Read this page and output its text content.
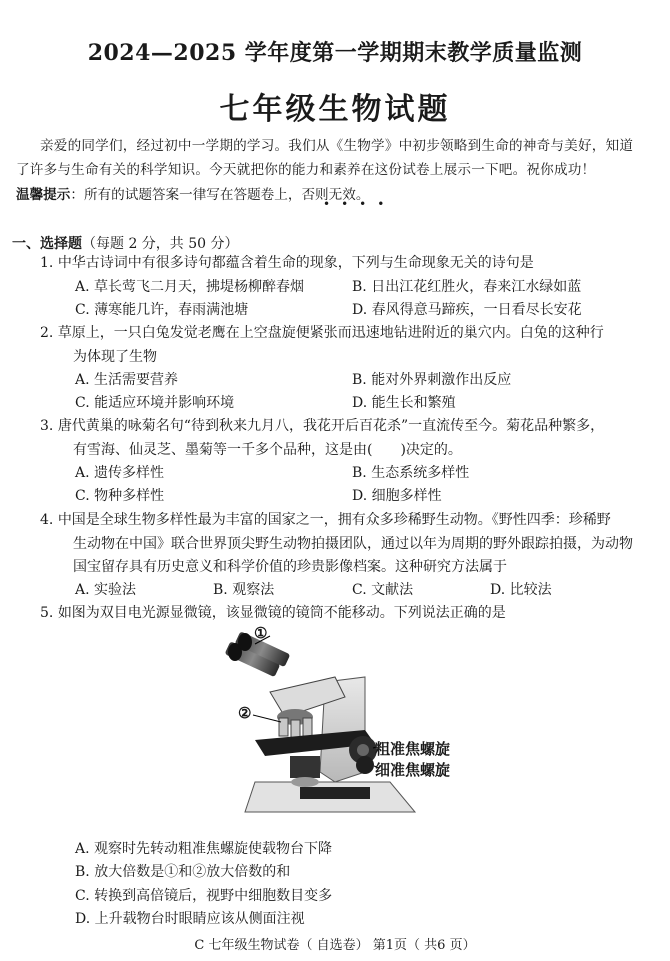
2024—2025 学年度第一学期期末教学质量监测
七年级生物试题
亲爱的同学们，经过初中一学期的学习。我们从《生物学》中初步领略到生命的神奇与美好，知道
了许多与生命有关的科学知识。今天就把你的能力和素养在这份试卷上展示一下吧。祝你成功！
温馨提示：所有的试题答案一律写在答题卷上，否则无效。
••••
一、选择题（每题 2 分，共 50 分）
1. 中华古诗词中有很多诗句都蕴含着生命的现象，下列与生命现象无关的诗句是
A. 草长莺飞二月天，拂堤杨柳醉春烟	B. 日出江花红胜火，春来江水绿如蓝
C. 薄寒能几许，春雨满池塘	D. 春风得意马蹄疾，一日看尽长安花
2. 草原上，一只白兔发觉老鹰在上空盘旋便紧张而迅速地钻进附近的巢穴内。白兔的这种行
为体现了生物
A. 生活需要营养	B. 能对外界刺激作出反应
C. 能适应环境并影响环境	D. 能生长和繁殖
3. 唐代黄巢的咏菊名句“待到秋来九月八，我花开后百花杀”一直流传至今。菊花品种繁多，
有雪海、仙灵芝、墨菊等一千多个品种，这是由(　　)决定的。
A. 遗传多样性	B. 生态系统多样性
C. 物种多样性	D. 细胞多样性
4. 中国是全球生物多样性最为丰富的国家之一，拥有众多珍稀野生动物。《野性四季：珍稀野
生动物在中国》联合世界顶尖野生动物拍摄团队，通过以年为周期的野外跟踪拍摄，为动物
国宝留存具有历史意义和科学价值的珍贵影像档案。这种研究方法属于
A. 实验法	B. 观察法	C. 文献法	D. 比较法
5. 如图为双目电光源显微镜，该显微镜的镜筒不能移动。下列说法正确的是
①
②
粗准焦螺旋
细准焦螺旋
A. 观察时先转动粗准焦螺旋使载物台下降
B. 放大倍数是①和②放大倍数的和
C. 转换到高倍镜后，视野中细胞数目变多
D. 上升载物台时眼睛应该从侧面注视
C 七年级生物试卷（ 自选卷） 第1页（ 共6 页）
